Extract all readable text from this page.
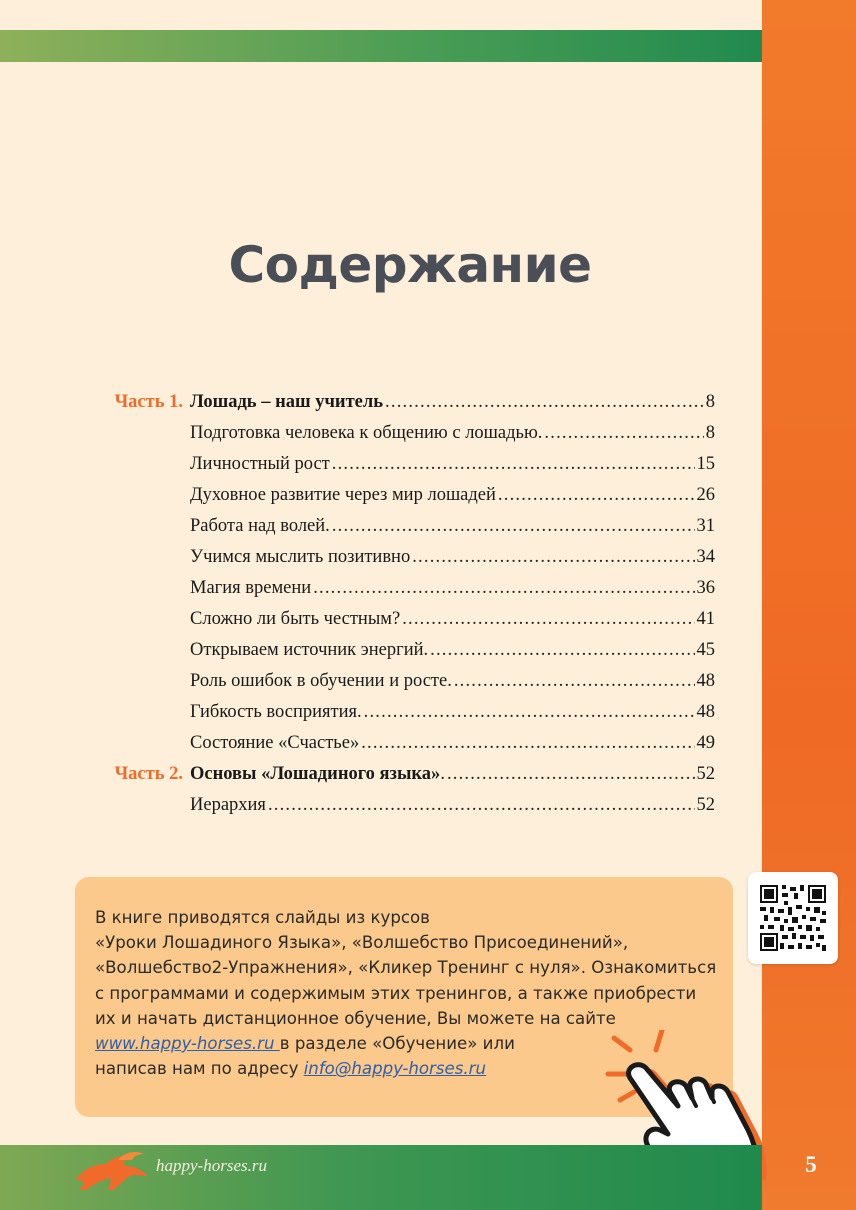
Содержание
Часть 1. Лошадь – наш учитель .....	8
Подготовка человека к общению с лошадью. .....	8
Личностный рост .....	15
Духовное развитие через мир лошадей .....	26
Работа над волей. .....	31
Учимся мыслить позитивно .....	34
Магия времени .....	36
Сложно ли быть честным? .....	41
Открываем источник энергий. .....	45
Роль ошибок в обучении и росте. .....	48
Гибкость восприятия. .....	48
Состояние «Счастье» .....	49
Часть 2. Основы «Лошадиного языка» . .....	52
Иерархия .....	52
В книге приводятся слайды из курсов
«Уроки Лошадиного Языка», «Волшебство Присоединений»,
«Волшебство2-Упражнения», «Кликер Тренинг с нуля». Ознакомиться
с программами и содержимым этих тренингов, а также приобрести
их и начать дистанционное обучение, Вы можете на сайте
www.happy-horses.ru в разделе «Обучение» или
написав нам по адресу info@happy-horses.ru
happy-horses.ru	5
